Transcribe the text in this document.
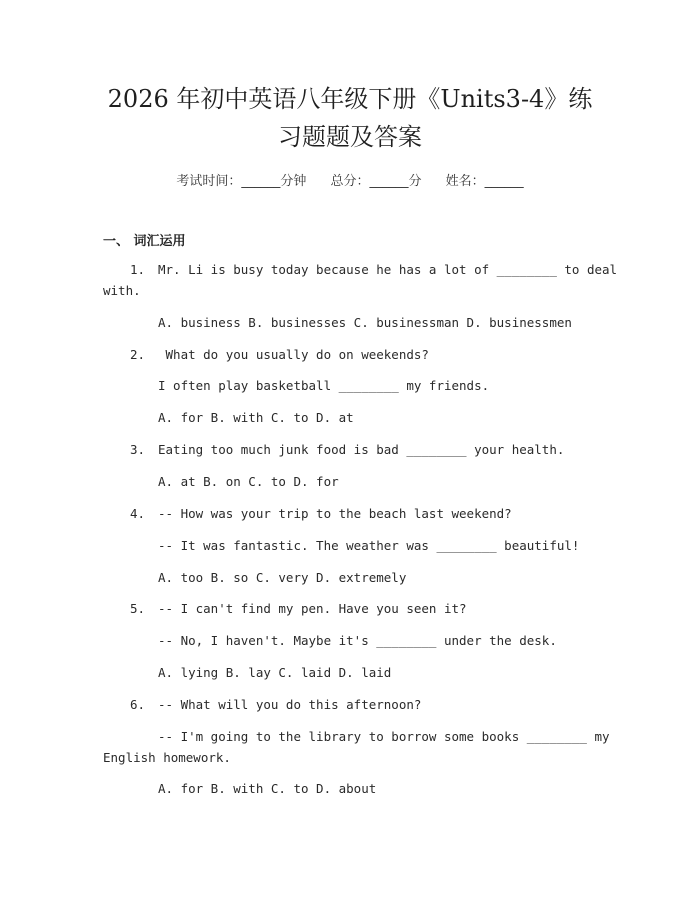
2026 年初中英语八年级下册《Units3-4》练
习题题及答案
考试时间：______分钟 总分：______分 姓名：______
一、 词汇运用
1. Mr. Li is busy today because he has a lot of ________ to deal
with.
A. business B. businesses C. businessman D. businessmen
2. What do you usually do on weekends?
I often play basketball ________ my friends.
A. for B. with C. to D. at
3. Eating too much junk food is bad ________ your health.
A. at B. on C. to D. for
4. -- How was your trip to the beach last weekend?
-- It was fantastic. The weather was ________ beautiful!
A. too B. so C. very D. extremely
5. -- I can't find my pen. Have you seen it?
-- No, I haven't. Maybe it's ________ under the desk.
A. lying B. lay C. laid D. laid
6. -- What will you do this afternoon?
-- I'm going to the library to borrow some books ________ my
English homework.
A. for B. with C. to D. about
